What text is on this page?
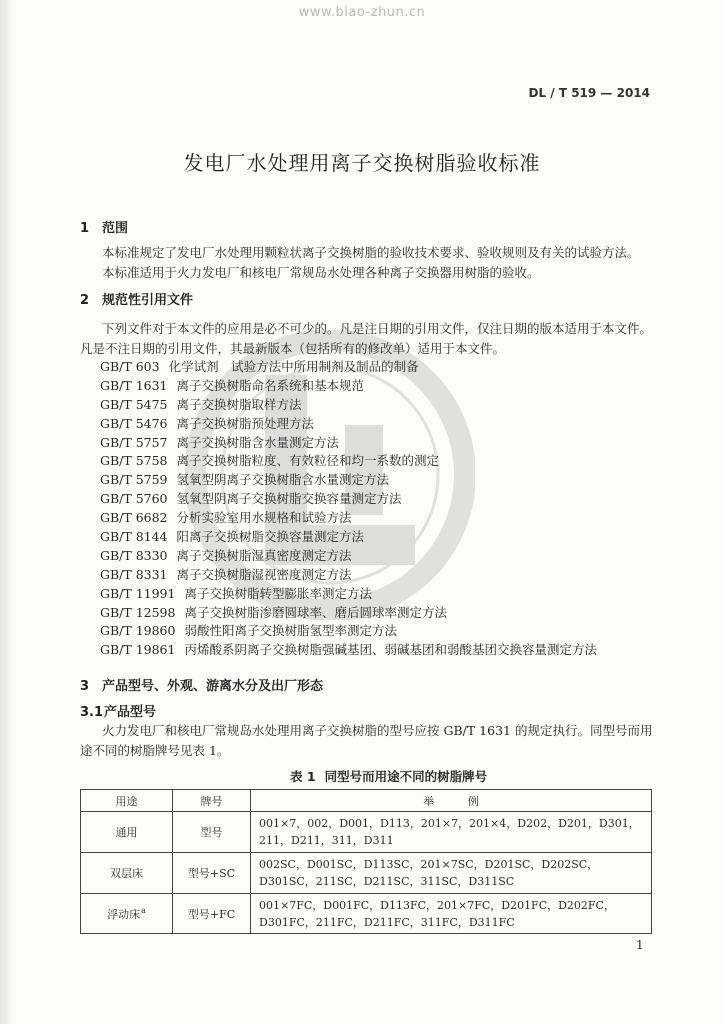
www.biao-zhun.cn
DL / T 519 — 2014
发电厂水处理用离子交换树脂验收标准
1 范围
本标准规定了发电厂水处理用颗粒状离子交换树脂的验收技术要求、验收规则及有关的试验方法。
本标准适用于火力发电厂和核电厂常规岛水处理各种离子交换器用树脂的验收。
2 规范性引用文件
下列文件对于本文件的应用是必不可少的。凡是注日期的引用文件，仅注日期的版本适用于本文件。
凡是不注日期的引用文件，其最新版本（包括所有的修改单）适用于本文件。
GB/T 603 化学试剂　试验方法中所用制剂及制品的制备
GB/T 1631 离子交换树脂命名系统和基本规范
GB/T 5475 离子交换树脂取样方法
GB/T 5476 离子交换树脂预处理方法
GB/T 5757 离子交换树脂含水量测定方法
GB/T 5758 离子交换树脂粒度、有效粒径和均一系数的测定
GB/T 5759 氢氧型阴离子交换树脂含水量测定方法
GB/T 5760 氢氧型阴离子交换树脂交换容量测定方法
GB/T 6682 分析实验室用水规格和试验方法
GB/T 8144 阳离子交换树脂交换容量测定方法
GB/T 8330 离子交换树脂湿真密度测定方法
GB/T 8331 离子交换树脂湿视密度测定方法
GB/T 11991 离子交换树脂转型膨胀率测定方法
GB/T 12598 离子交换树脂渗磨圆球率、磨后圆球率测定方法
GB/T 19860 弱酸性阳离子交换树脂氢型率测定方法
GB/T 19861 丙烯酸系阴离子交换树脂强碱基团、弱碱基团和弱酸基团交换容量测定方法
3 产品型号、外观、游离水分及出厂形态
3.1产品型号
火力发电厂和核电厂常规岛水处理用离子交换树脂的型号应按 GB/T 1631 的规定执行。同型号而用
途不同的树脂牌号见表 1。
表 1 同型号而用途不同的树脂牌号
用途	牌号	举 例
通用	型号	001×7，002，D001，D113，201×7，201×4，D202，D201，D301，211，D211，311，D311
双层床	型号+SC	002SC，D001SC，D113SC，201×7SC，D201SC，D202SC，D301SC，211SC，D211SC，311SC，D311SC
浮动床$^a$	型号+FC	001×7FC，D001FC，D113FC，201×7FC，D201FC，D202FC，D301FC，211FC，D211FC，311FC，D311FC
1
